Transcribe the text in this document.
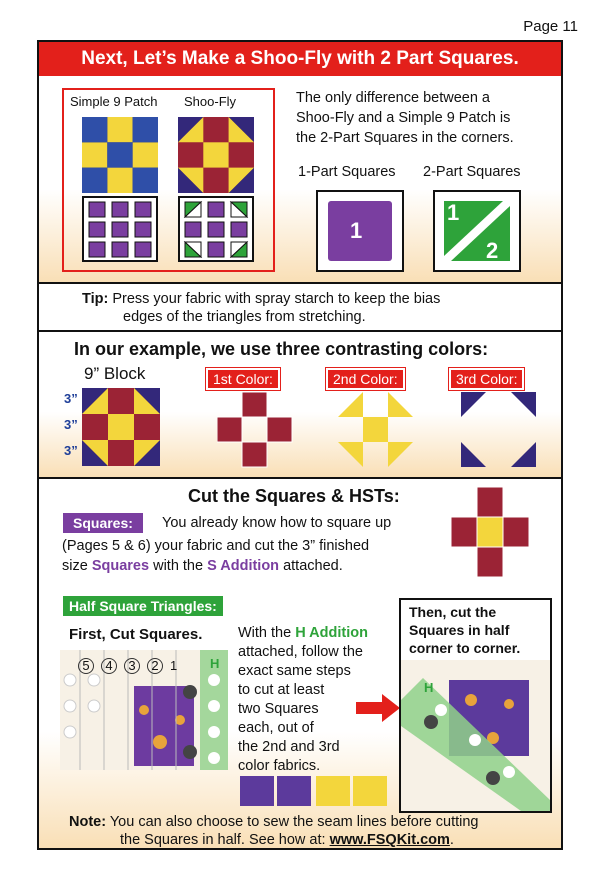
Page 11
Next, Let’s Make a Shoo-Fly with 2 Part Squares.
Simple 9 Patch Shoo-Fly	The only difference between a
Shoo-Fly and a Simple 9 Patch is
the 2-Part Squares in the corners.
1-Part Squares 2-Part Squares
1
1
2
Tip: Press your fabric with spray starch to keep the bias
edges of the triangles from stretching.
In our example, we use three contrasting colors:
9” Block
3”
3”
3”
1st Color:	2nd Color:	3rd Color:
Cut the Squares & HSTs:
Squares:	You already know how to square up
(Pages 5 & 6) your fabric and cut the 3” finished
size Squares with the S Addition attached.
Half Square Triangles:
First, Cut Squares.
5	4	3	2 1	H
With the H Addition
attached, follow the
exact same steps
to cut at least
two Squares
each, out of
the 2nd and 3rd
color fabrics.
Then, cut the
Squares in half
corner to corner.
H
Note: You can also choose to sew the seam lines before cutting
the Squares in half. See how at: www.FSQKit.com.
